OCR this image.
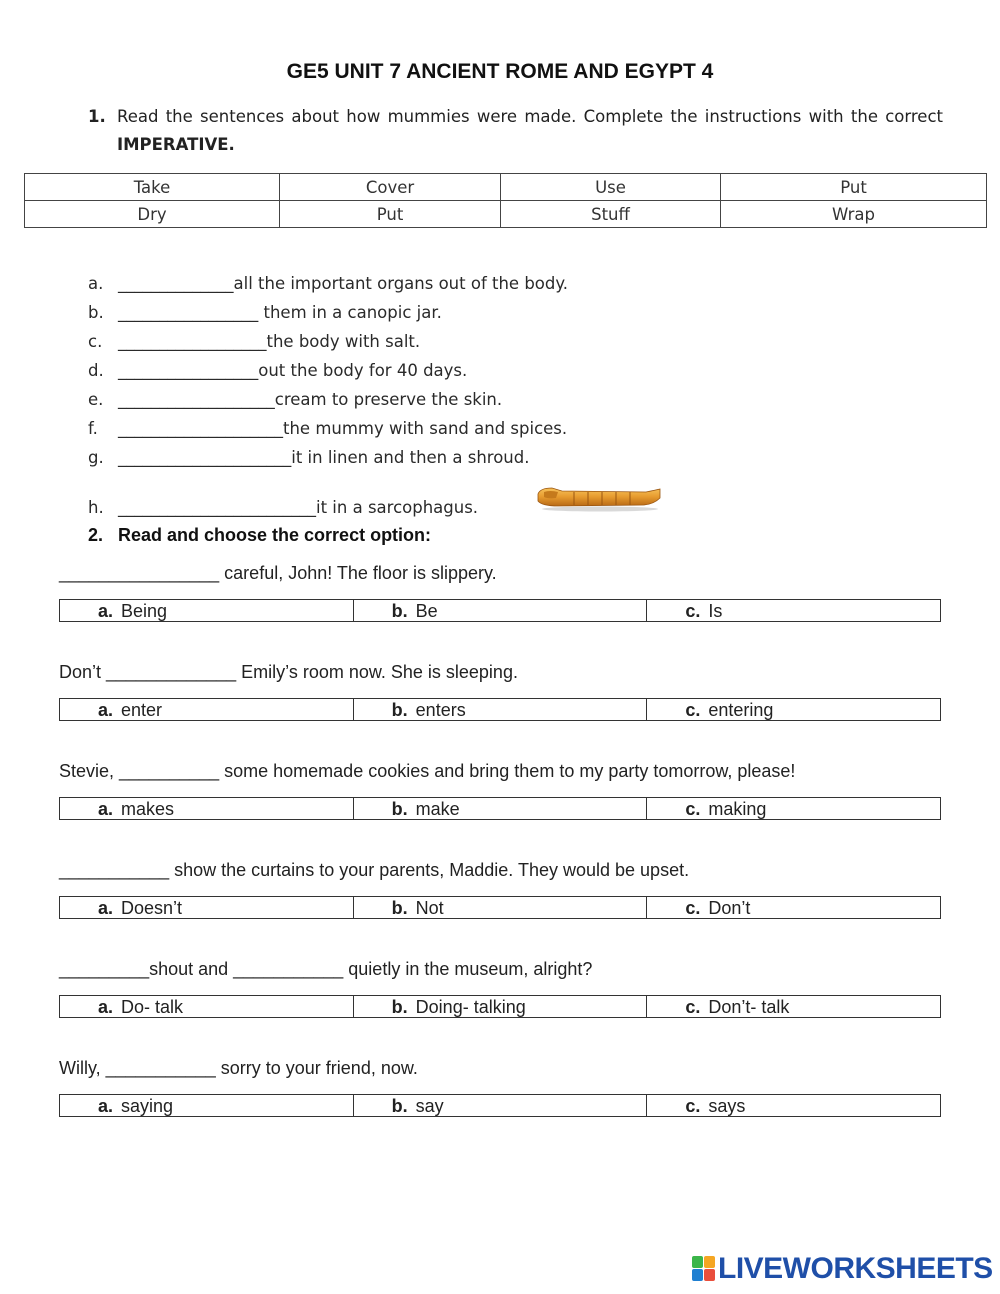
GE5 UNIT 7 ANCIENT ROME AND EGYPT 4
1. Read the sentences about how mummies were made. Complete the instructions with the correct IMPERATIVE.
Take	Cover	Use	Put
Dry	Put	Stuff	Wrap
a. ______________all the important organs out of the body.
b. _________________ them in a canopic jar.
c. __________________the body with salt.
d. _________________out the body for 40 days.
e. ___________________cream to preserve the skin.
f. ____________________the mummy with sand and spices.
g. _____________________it in linen and then a shroud.
h. ________________________it in a sarcophagus.
2. Read and choose the correct option:
________________ careful, John! The floor is slippery.
a. Being	b. Be	c. Is
Don’t _____________ Emily’s room now. She is sleeping.
a. enter	b. enters	c. entering
Stevie, __________ some homemade cookies and bring them to my party tomorrow, please!
a. makes	b. make	c. making
___________ show the curtains to your parents, Maddie. They would be upset.
a. Doesn’t	b. Not	c. Don’t
_________shout and ___________ quietly in the museum, alright?
a. Do- talk	b. Doing- talking	c. Don’t- talk
Willy, ___________ sorry to your friend, now.
a. saying	b. say	c. says
LIVEWORKSHEETS
